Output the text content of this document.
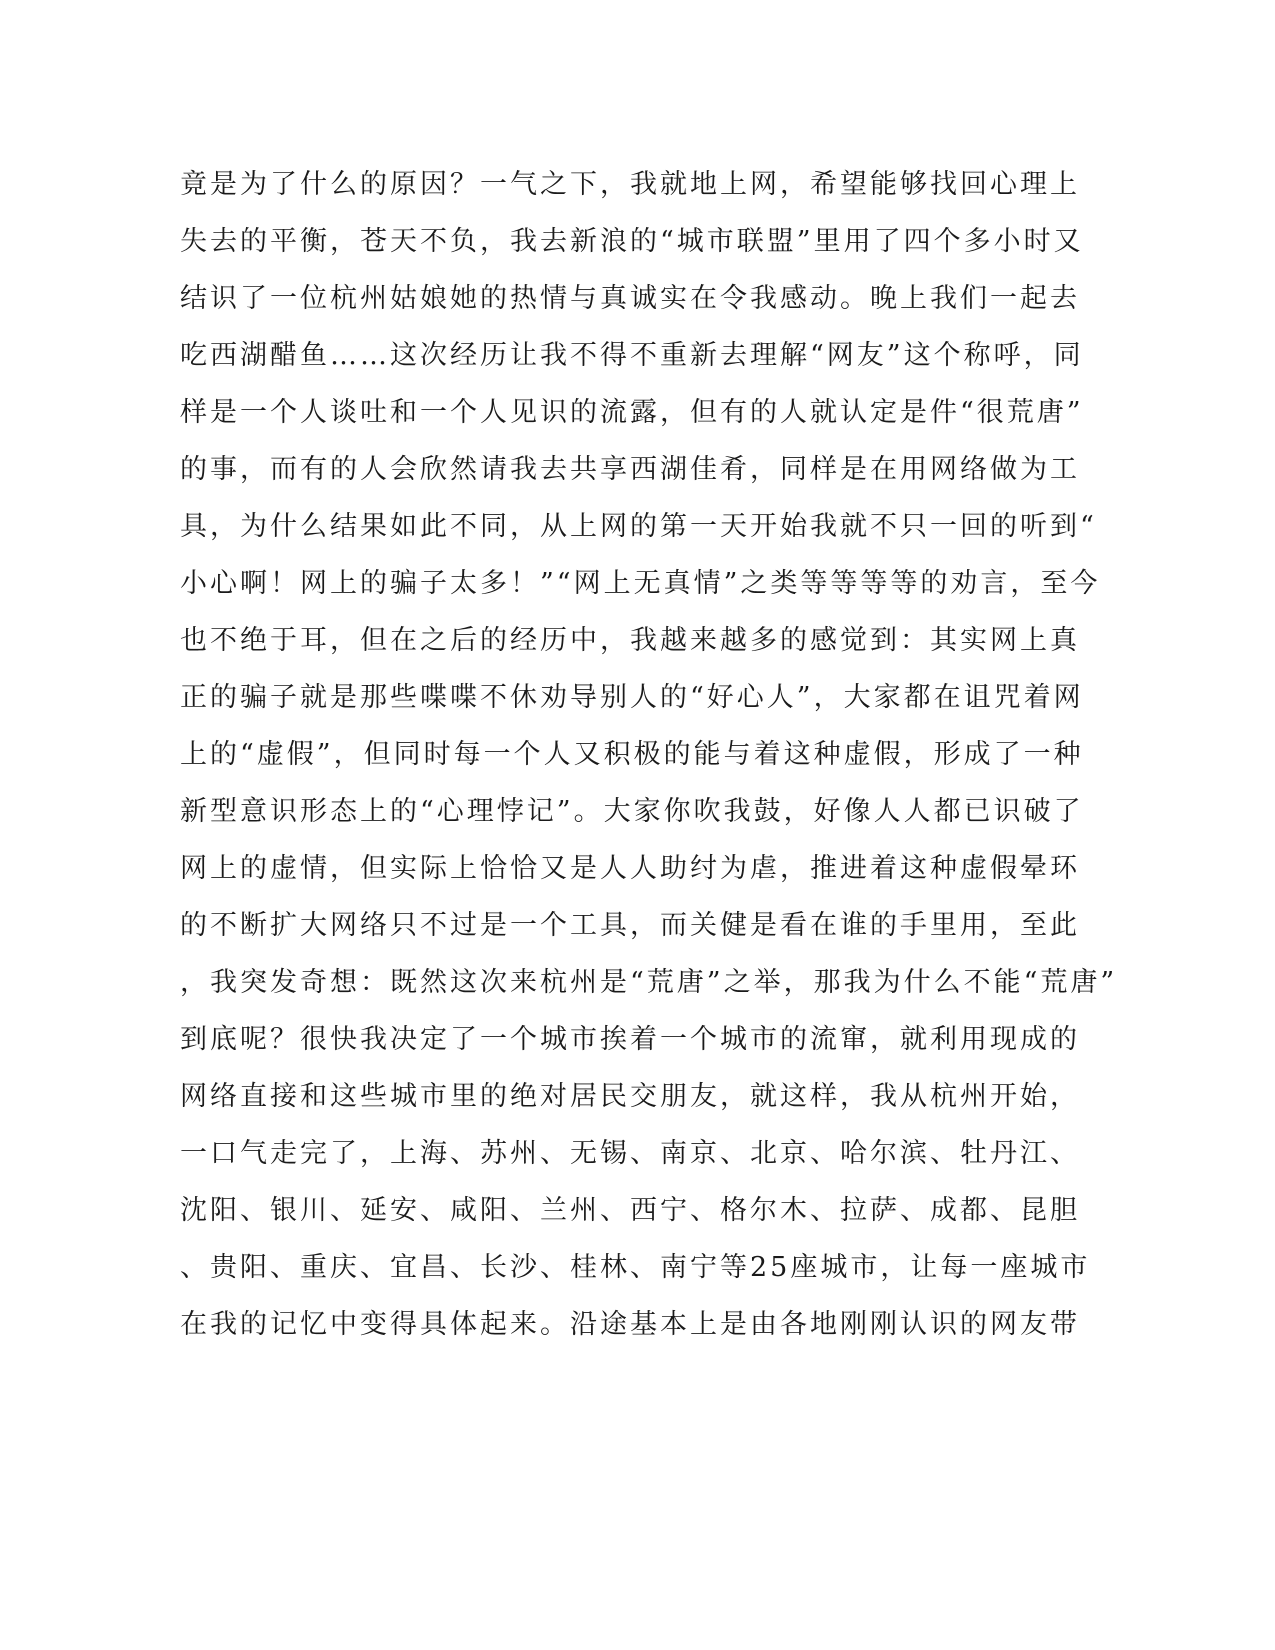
竟是为了什么的原因？一气之下，我就地上网，希望能够找回心理上
失去的平衡，苍天不负，我去新浪的“城市联盟”里用了四个多小时又
结识了一位杭州姑娘她的热情与真诚实在令我感动。晚上我们一起去
吃西湖醋鱼……这次经历让我不得不重新去理解“网友”这个称呼，同
样是一个人谈吐和一个人见识的流露，但有的人就认定是件“很荒唐”
的事，而有的人会欣然请我去共享西湖佳肴，同样是在用网络做为工
具，为什么结果如此不同，从上网的第一天开始我就不只一回的听到“
小心啊！网上的骗子太多！”“网上无真情”之类等等等等的劝言，至今
也不绝于耳，但在之后的经历中，我越来越多的感觉到：其实网上真
正的骗子就是那些喋喋不休劝导别人的“好心人”，大家都在诅咒着网
上的“虚假”，但同时每一个人又积极的能与着这种虚假，形成了一种
新型意识形态上的“心理悖记”。大家你吹我鼓，好像人人都已识破了
网上的虚情，但实际上恰恰又是人人助纣为虐，推进着这种虚假晕环
的不断扩大网络只不过是一个工具，而关健是看在谁的手里用，至此
，我突发奇想：既然这次来杭州是“荒唐”之举，那我为什么不能“荒唐”
到底呢？很快我决定了一个城市挨着一个城市的流窜，就利用现成的
网络直接和这些城市里的绝对居民交朋友，就这样，我从杭州开始，
一口气走完了，上海、苏州、无锡、南京、北京、哈尔滨、牡丹江、
沈阳、银川、延安、咸阳、兰州、西宁、格尔木、拉萨、成都、昆胆
、贵阳、重庆、宜昌、长沙、桂林、南宁等25座城市，让每一座城市
在我的记忆中变得具体起来。沿途基本上是由各地刚刚认识的网友带
